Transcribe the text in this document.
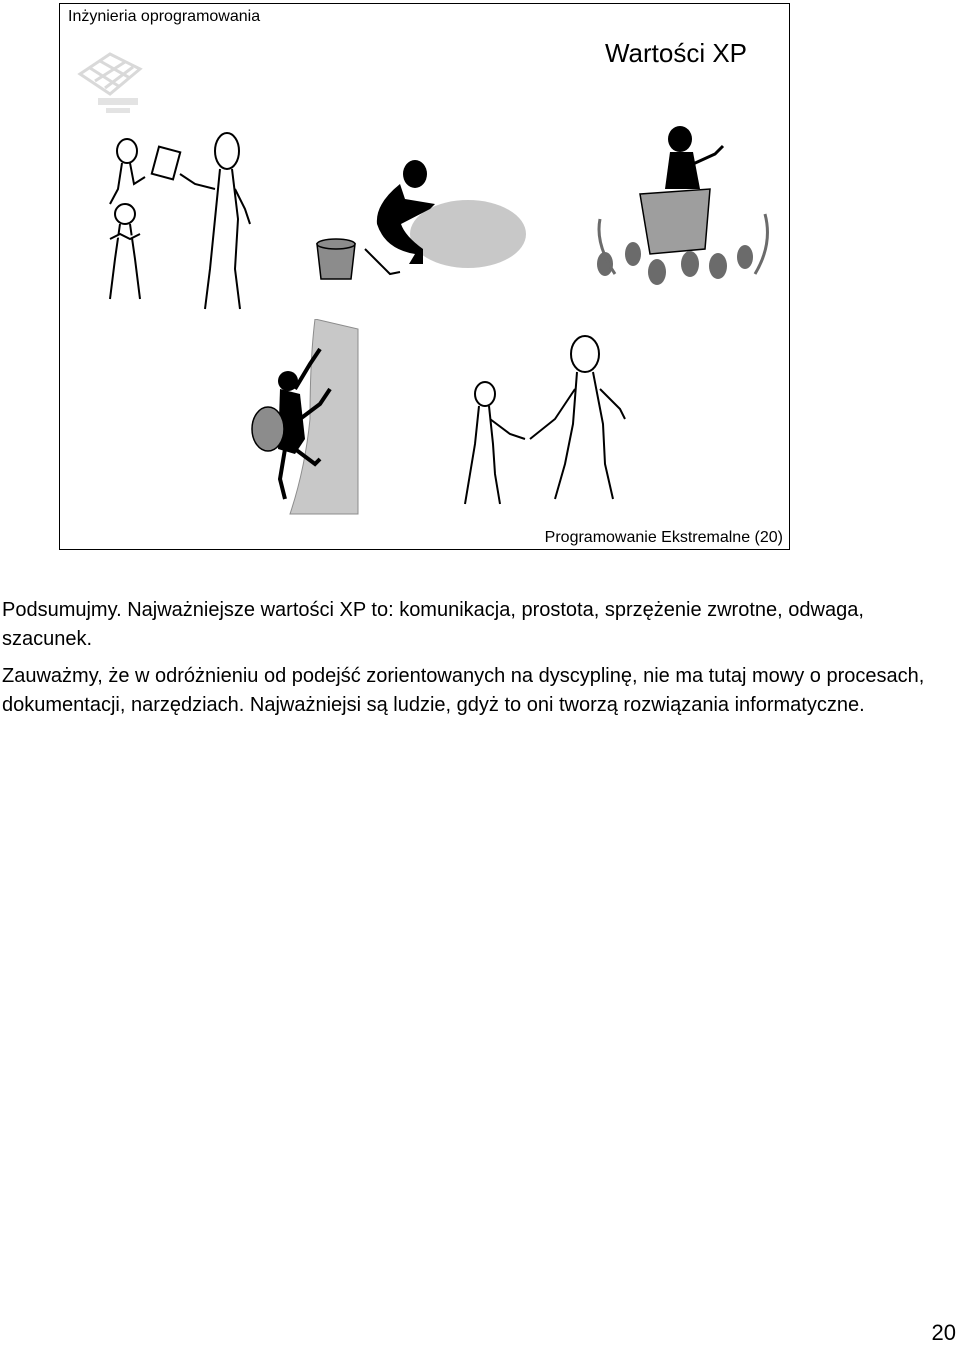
Inżynieria oprogramowania
Wartości XP
Programowanie Ekstremalne (20)

Podsumujmy. Najważniejsze wartości XP to: komunikacja, prostota, sprzężenie zwrotne, odwaga, szacunek.

Zauważmy, że w odróżnieniu od podejść zorientowanych na dyscyplinę, nie ma tutaj mowy o procesach, dokumentacji, narzędziach. Najważniejsi są ludzie, gdyż to oni tworzą rozwiązania informatyczne.

20
